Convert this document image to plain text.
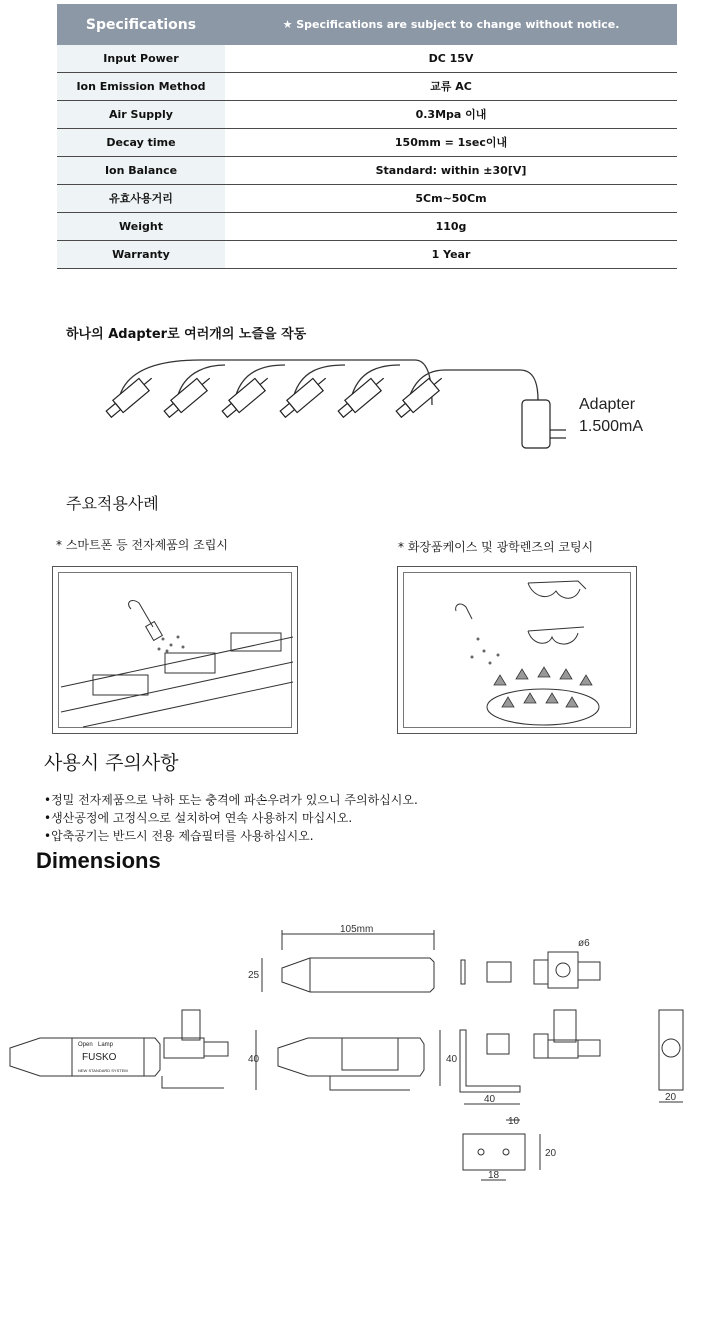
Specifications	★ Specifications are subject to change without notice.
Input Power	DC 15V
Ion Emission Method	교류 AC
Air Supply	0.3Mpa 이내
Decay time	150mm = 1sec이내
Ion Balance	Standard: within ±30[V]
유효사용거리	5Cm~50Cm
Weight	110g
Warranty	1 Year
하나의 Adapter로 여러개의 노즐을 작동
Adapter
1.500mA
주요적용사례
* 스마트폰 등 전자제품의 조립시	* 화장품케이스 및 광학렌즈의 코팅시
사용시 주의사항
•정밀 전자제품으로 낙하 또는 충격에 파손우려가 있으니 주의하십시오.
•생산공정에 고정식으로 설치하여 연속 사용하지 마십시오.
•압축공기는 반드시 전용 제습필터를 사용하십시오.
Dimensions
105mm
25
40	40
40	20
20
10
18
ø6
Open Lamp
FUSKO
NEW STANDARD SYSTEM
